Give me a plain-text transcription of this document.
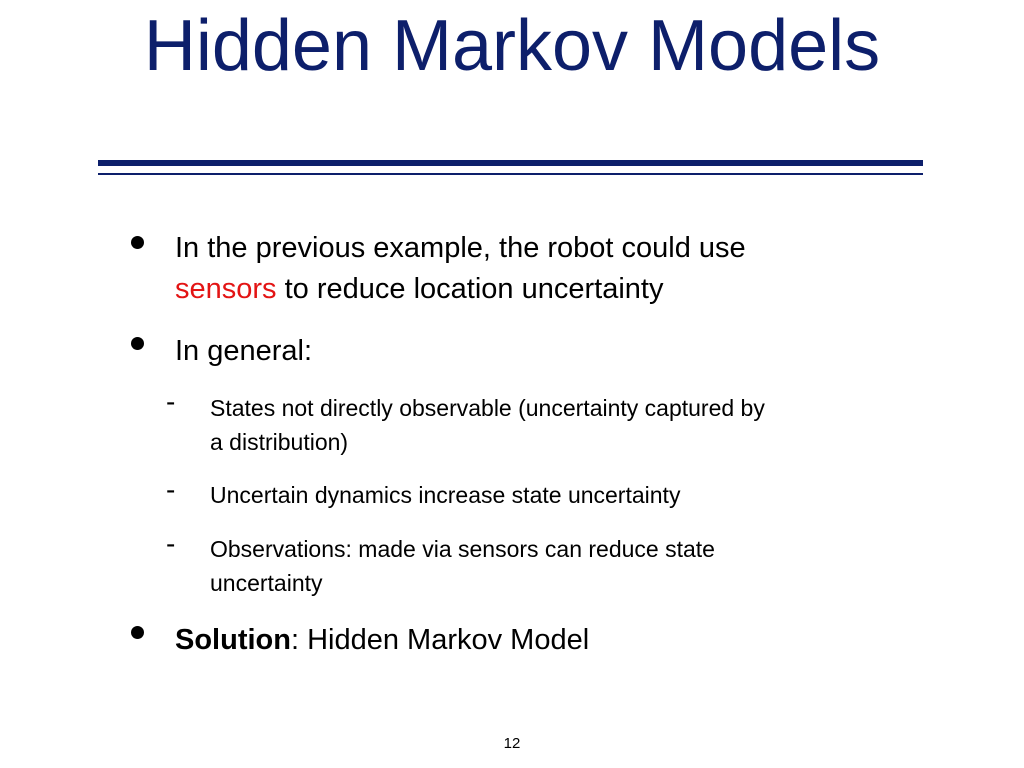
Hidden Markov Models
In the previous example, the robot could use
sensors to reduce location uncertainty
In general:
- States not directly observable (uncertainty captured by
a distribution)
- Uncertain dynamics increase state uncertainty
- Observations: made via sensors can reduce state
uncertainty
Solution: Hidden Markov Model
12
